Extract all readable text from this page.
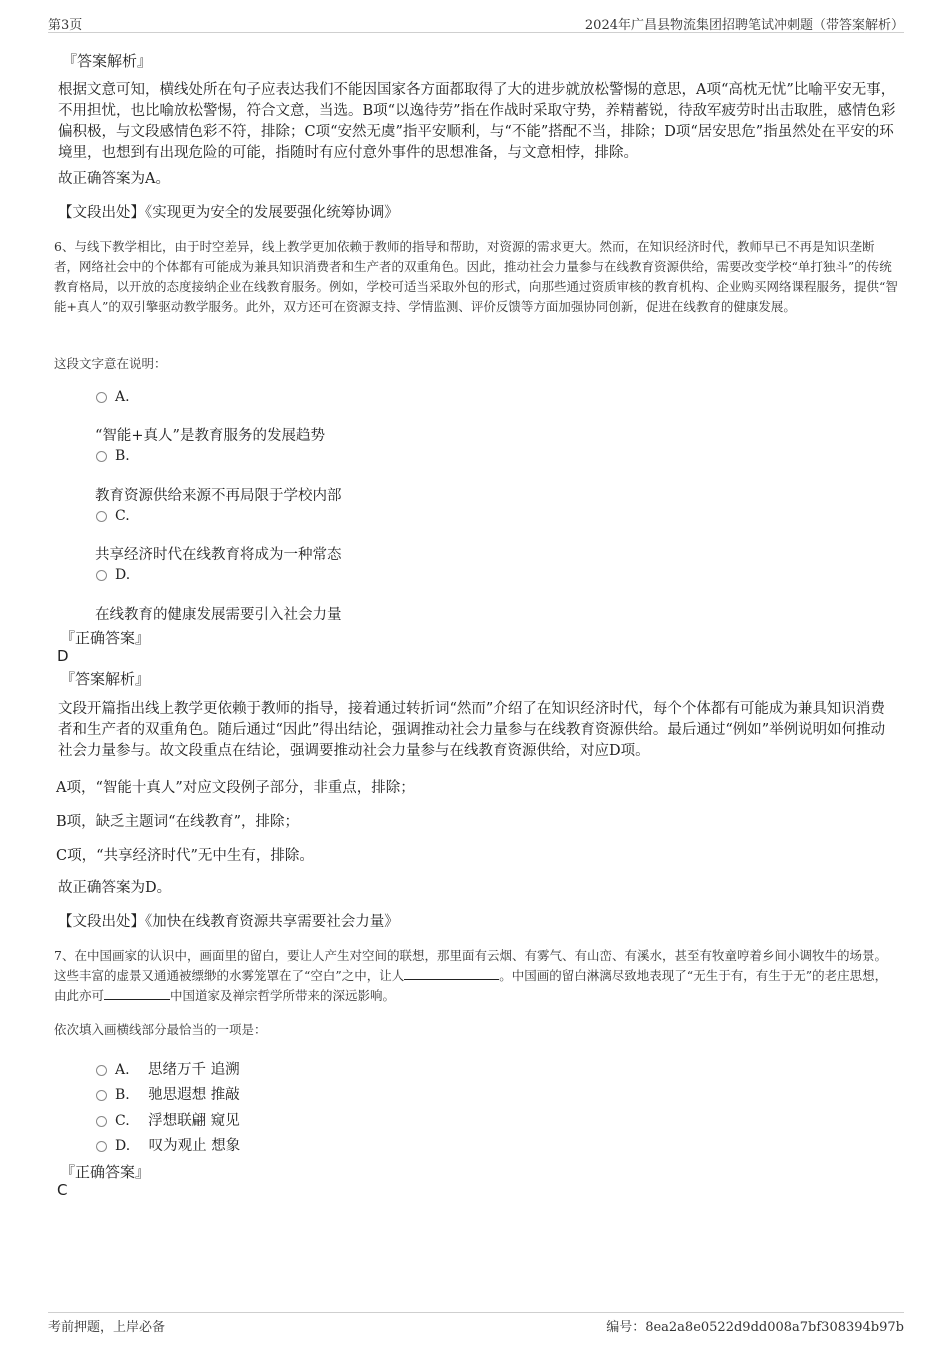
第3页	2024年广昌县物流集团招聘笔试冲刺题（带答案解析）
『答案解析』
根据文意可知，横线处所在句子应表达我们不能因国家各方面都取得了大的进步就放松警惕的意思，A项“高枕无忧”比喻平安无事，不用担忧，也比喻放松警惕，符合文意，当选。B项“以逸待劳”指在作战时采取守势，养精蓄锐，待敌军疲劳时出击取胜，感情色彩偏积极，与文段感情色彩不符，排除；C项“安然无虞”指平安顺利，与“不能”搭配不当，排除；D项“居安思危”指虽然处在平安的环境里，也想到有出现危险的可能，指随时有应付意外事件的思想准备，与文意相悖，排除。
故正确答案为A。
【文段出处】《实现更为安全的发展要强化统筹协调》
6、与线下教学相比，由于时空差异，线上教学更加依赖于教师的指导和帮助，对资源的需求更大。然而，在知识经济时代，教师早已不再是知识垄断者，网络社会中的个体都有可能成为兼具知识消费者和生产者的双重角色。因此，推动社会力量参与在线教育资源供给，需要改变学校“单打独斗”的传统教育格局，以开放的态度接纳企业在线教育服务。例如，学校可适当采取外包的形式，向那些通过资质审核的教育机构、企业购买网络课程服务，提供“智能+真人”的双引擎驱动教学服务。此外，双方还可在资源支持、学情监测、评价反馈等方面加强协同创新，促进在线教育的健康发展。
这段文字意在说明：
A.
“智能+真人”是教育服务的发展趋势
B.
教育资源供给来源不再局限于学校内部
C.
共享经济时代在线教育将成为一种常态
D.
在线教育的健康发展需要引入社会力量
『正确答案』
D
『答案解析』
文段开篇指出线上教学更依赖于教师的指导，接着通过转折词“然而”介绍了在知识经济时代，每个个体都有可能成为兼具知识消费者和生产者的双重角色。随后通过“因此”得出结论，强调推动社会力量参与在线教育资源供给。最后通过“例如”举例说明如何推动社会力量参与。故文段重点在结论，强调要推动社会力量参与在线教育资源供给，对应D项。
A项，“智能十真人”对应文段例子部分，非重点，排除；
B项，缺乏主题词“在线教育”，排除；
C项，“共享经济时代”无中生有，排除。
故正确答案为D。
【文段出处】《加快在线教育资源共享需要社会力量》
7、在中国画家的认识中，画面里的留白，要让人产生对空间的联想，那里面有云烟、有雾气、有山峦、有溪水，甚至有牧童哼着乡间小调牧牛的场景。这些丰富的虚景又通通被缥缈的水雾笼罩在了“空白”之中，让人	。中国画的留白淋漓尽致地表现了“无生于有，有生于无”的老庄思想，由此亦可	中国道家及禅宗哲学所带来的深远影响。
依次填入画横线部分最恰当的一项是：
A. 思绪万千 追溯
B. 驰思遐想 推敲
C. 浮想联翩 窥见
D. 叹为观止 想象
『正确答案』
C
考前押题，上岸必备	编号：8ea2a8e0522d9dd008a7bf308394b97b
